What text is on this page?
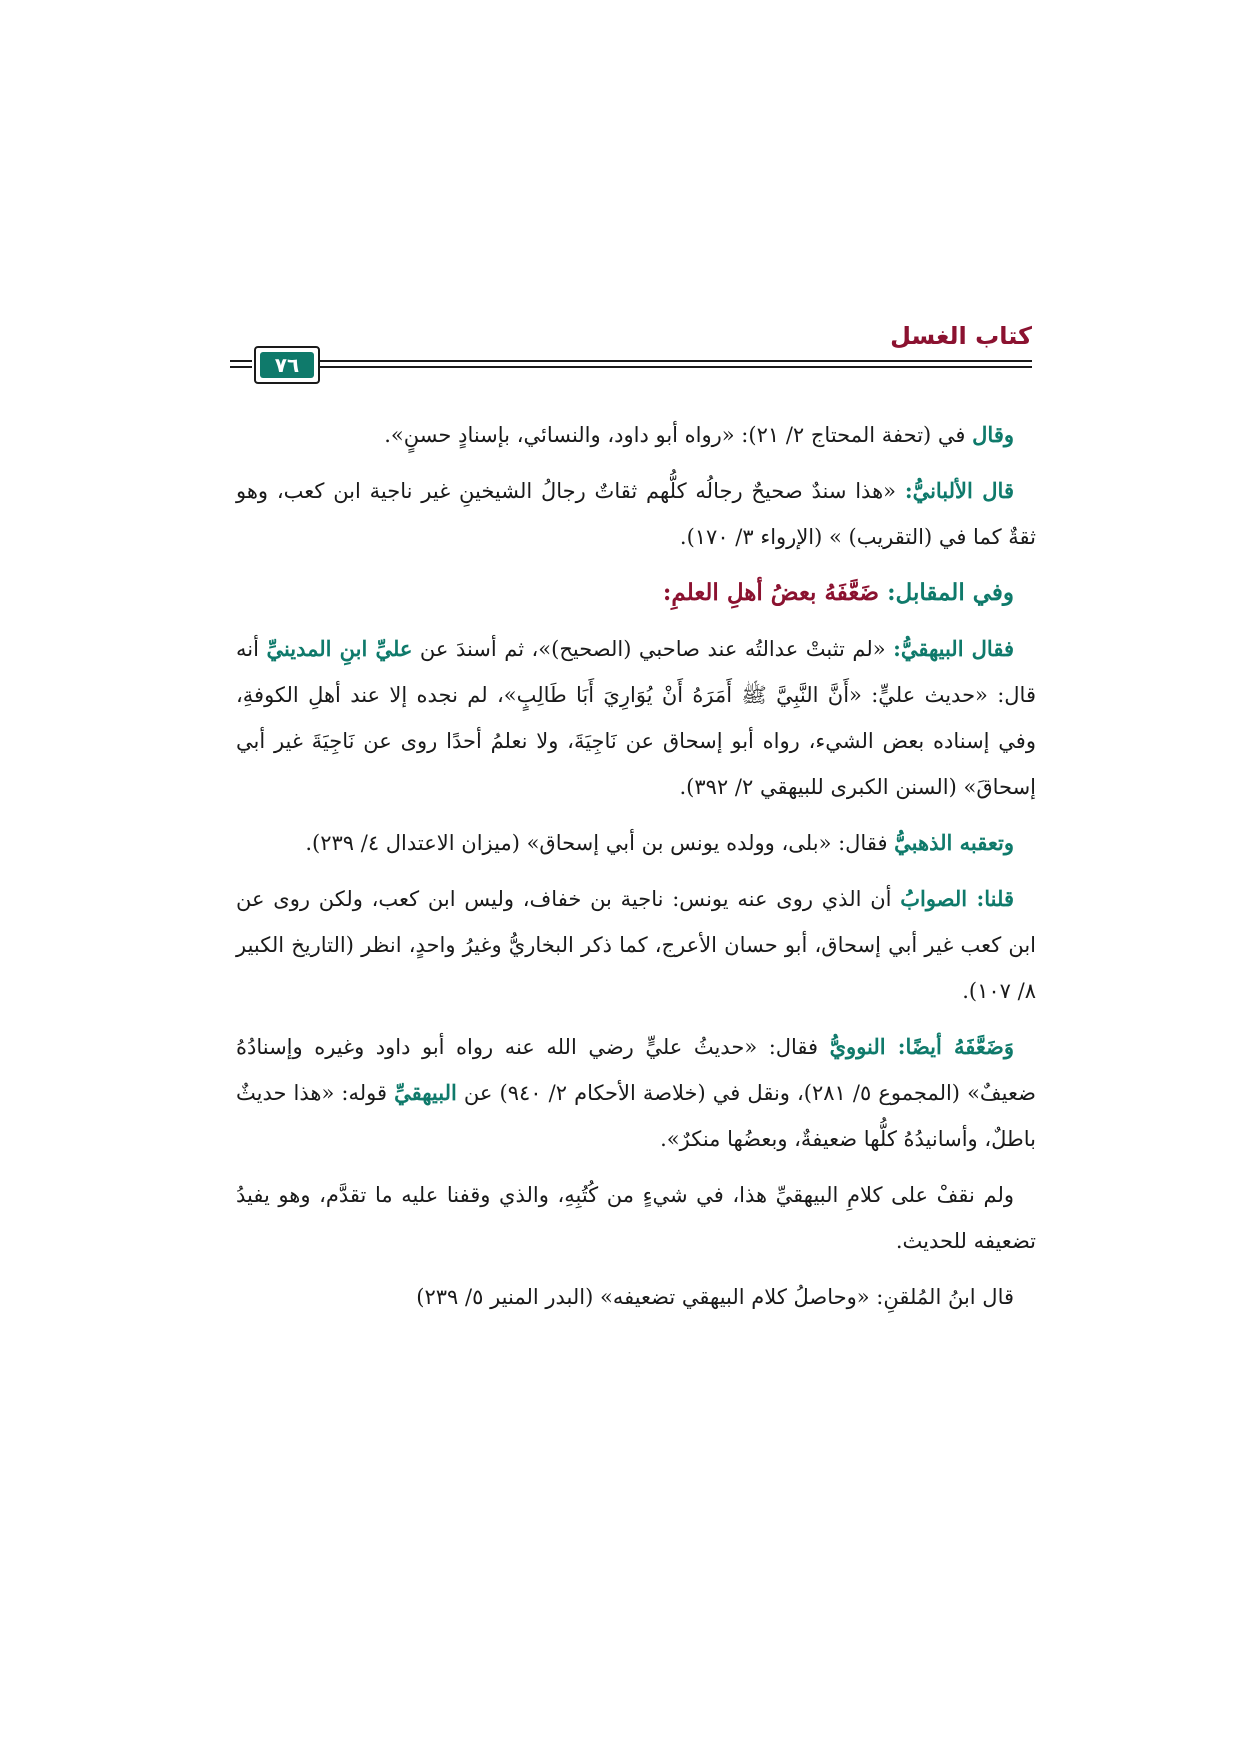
كتاب الغسل
٧٦

وقال في (تحفة المحتاج ٢/ ٢١): «رواه أبو داود، والنسائي، بإسنادٍ حسنٍ».

قال الألبانيُّ: «هذا سندٌ صحيحٌ رجالُه كلُّهم ثقاتٌ رجالُ الشيخينِ غير ناجية ابن كعب، وهو ثقةٌ كما في (التقريب) » (الإرواء ٣/ ١٧٠).

وفي المقابل: ضَعَّفَهُ بعضُ أهلِ العلمِ:

فقال البيهقيُّ: «لم تثبتْ عدالتُه عند صاحبي (الصحيح)»، ثم أسندَ عن عليِّ ابنِ المدينيِّ أنه قال: «حديث عليٍّ: «أَنَّ النَّبِيَّ ﷺ أَمَرَهُ أَنْ يُوَارِيَ أَبَا طَالِبٍ»، لم نجده إلا عند أهلِ الكوفةِ، وفي إسناده بعض الشيء، رواه أبو إسحاق عن نَاجِيَةَ، ولا نعلمُ أحدًا روى عن نَاجِيَةَ غير أبي إسحاقَ» (السنن الكبرى للبيهقي ٢/ ٣٩٢).

وتعقبه الذهبيُّ فقال: «بلى، وولده يونس بن أبي إسحاق» (ميزان الاعتدال ٤/ ٢٣٩).

قلنا: الصوابُ أن الذي روى عنه يونس: ناجية بن خفاف، وليس ابن كعب، ولكن روى عن ابن كعب غير أبي إسحاق، أبو حسان الأعرج، كما ذكر البخاريُّ وغيرُ واحدٍ، انظر (التاريخ الكبير ٨/ ١٠٧).

وَضَعَّفَهُ أيضًا: النوويُّ فقال: «حديثُ عليٍّ رضي الله عنه رواه أبو داود وغيره وإسنادُهُ ضعيفٌ» (المجموع ٥/ ٢٨١)، ونقل في (خلاصة الأحكام ٢/ ٩٤٠) عن البيهقيِّ قوله: «هذا حديثٌ باطلٌ، وأسانيدُهُ كلُّها ضعيفةٌ، وبعضُها منكرٌ».

ولم نقفْ على كلامِ البيهقيِّ هذا، في شيءٍ من كُتُبِهِ، والذي وقفنا عليه ما تقدَّم، وهو يفيدُ تضعيفه للحديث.

قال ابنُ المُلقنِ: «وحاصلُ كلام البيهقي تضعيفه» (البدر المنير ٥/ ٢٣٩)
